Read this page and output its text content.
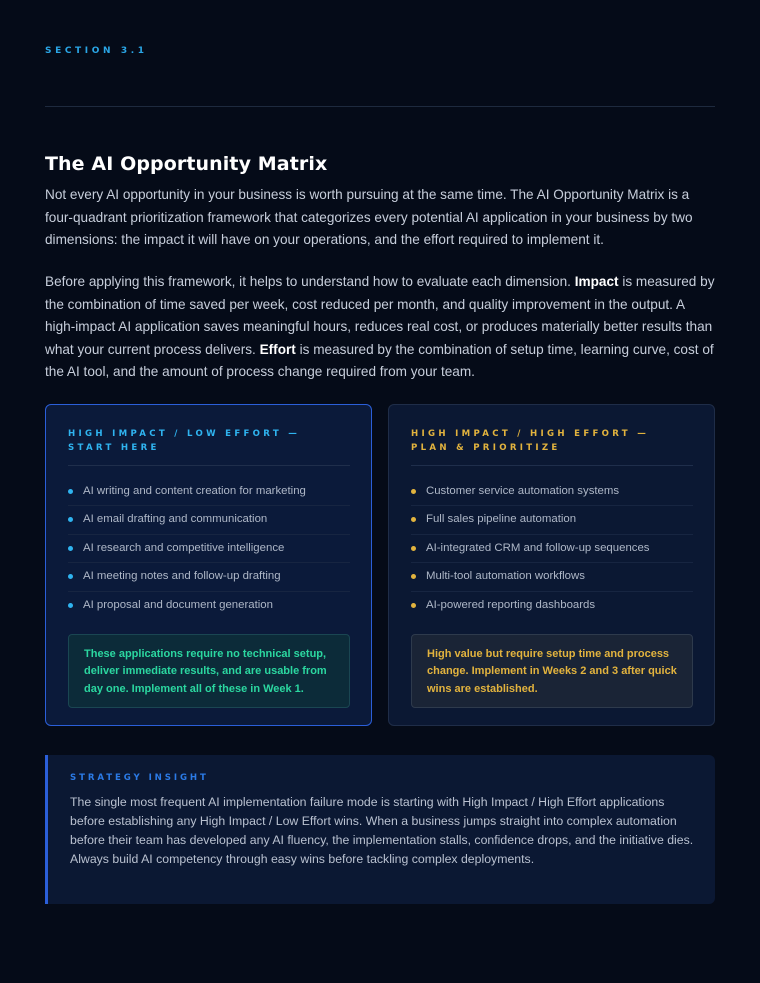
SECTION 3.1
The AI Opportunity Matrix

Not every AI opportunity in your business is worth pursuing at the same time. The AI Opportunity Matrix is a four-quadrant prioritization framework that categorizes every potential AI application in your business by two dimensions: the impact it will have on your operations, and the effort required to implement it.

Before applying this framework, it helps to understand how to evaluate each dimension. Impact is measured by the combination of time saved per week, cost reduced per month, and quality improvement in the output. A high-impact AI application saves meaningful hours, reduces real cost, or produces materially better results than what your current process delivers. Effort is measured by the combination of setup time, learning curve, cost of the AI tool, and the amount of process change required from your team.

HIGH IMPACT / LOW EFFORT — START HERE
AI writing and content creation for marketing
AI email drafting and communication
AI research and competitive intelligence
AI meeting notes and follow-up drafting
AI proposal and document generation
These applications require no technical setup, deliver immediate results, and are usable from day one. Implement all of these in Week 1.
HIGH IMPACT / HIGH EFFORT — PLAN & PRIORITIZE
Customer service automation systems
Full sales pipeline automation
AI-integrated CRM and follow-up sequences
Multi-tool automation workflows
AI-powered reporting dashboards
High value but require setup time and process change. Implement in Weeks 2 and 3 after quick wins are established.
STRATEGY INSIGHT

The single most frequent AI implementation failure mode is starting with High Impact / High Effort applications before establishing any High Impact / Low Effort wins. When a business jumps straight into complex automation before their team has developed any AI fluency, the implementation stalls, confidence drops, and the initiative dies. Always build AI competency through easy wins before tackling complex deployments.
